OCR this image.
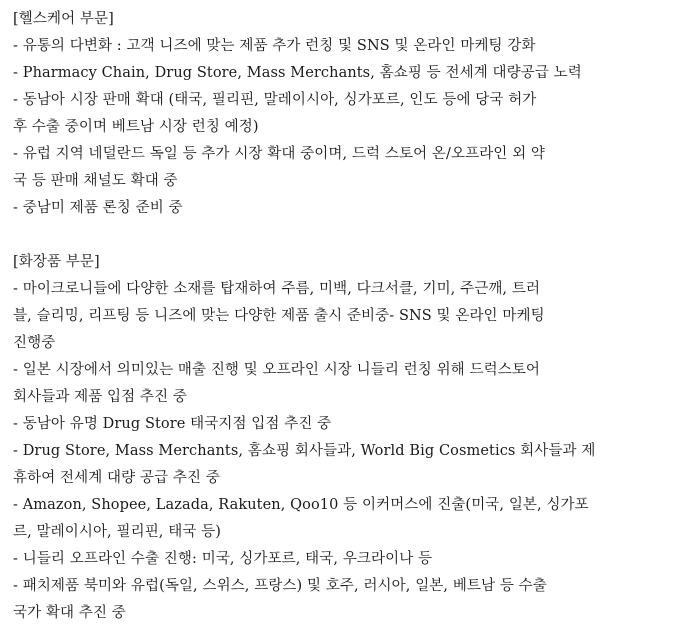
[헬스케어 부문]
- 유통의 다변화 : 고객 니즈에 맞는 제품 추가 런칭 및 SNS 및 온라인 마케팅 강화
- Pharmacy Chain, Drug Store, Mass Merchants, 홈쇼핑 등 전세계 대량공급 노력
- 동남아 시장 판매 확대 (태국, 필리핀, 말레이시아, 싱가포르, 인도 등에 당국 허가
후 수출 중이며 베트남 시장 런칭 예정)
- 유럽 지역 네덜란드 독일 등 추가 시장 확대 중이며, 드럭 스토어 온/오프라인 외 약
국 등 판매 채널도 확대 중
- 중남미 제품 론칭 준비 중
[화장품 부문]
- 마이크로니들에 다양한 소재를 탑재하여 주름, 미백, 다크서클, 기미, 주근깨, 트러
블, 슬리밍, 리프팅 등 니즈에 맞는 다양한 제품 출시 준비중- SNS 및 온라인 마케팅
진행중
- 일본 시장에서 의미있는 매출 진행 및 오프라인 시장 니들리 런칭 위해 드럭스토어
회사들과 제품 입점 추진 중
- 동남아 유명 Drug Store 태국지점 입점 추진 중
- Drug Store, Mass Merchants, 홈쇼핑 회사들과, World Big Cosmetics 회사들과 제
휴하여 전세계 대량 공급 추진 중
- Amazon, Shopee, Lazada, Rakuten, Qoo10 등 이커머스에 진출(미국, 일본, 싱가포
르, 말레이시아, 필리핀, 태국 등)
- 니들리 오프라인 수출 진행: 미국, 싱가포르, 태국, 우크라이나 등
- 패치제품 북미와 유럽(독일, 스위스, 프랑스) 및 호주, 러시아, 일본, 베트남 등 수출
국가 확대 추진 중
